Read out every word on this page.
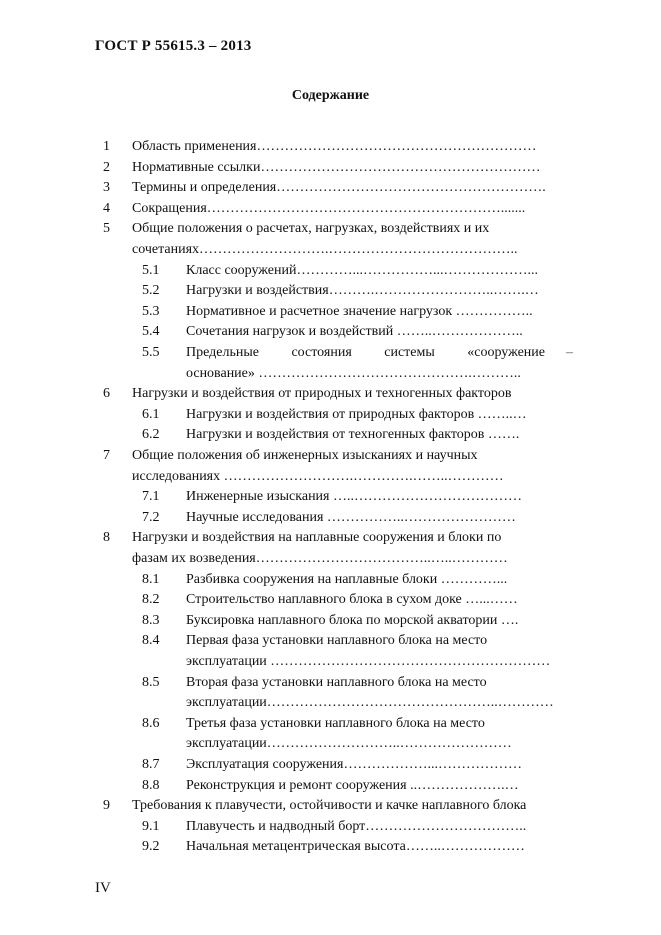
ГОСТ Р 55615.3 – 2013
Содержание
1 Область применения……………………………………………………
2 Нормативные ссылки……………………………………………………
3 Термины и определения………………………………………………….
4 Сокращения……………………………………………………….......
5 Общие положения о расчетах, нагрузках, воздействиях и их
сочетаниях……………………….…………………………………..
5.1 Класс сооружений…………...……………...………………...
5.2 Нагрузки и воздействия……….……………………..…….…
5.3 Нормативное и расчетное значение нагрузок ……………..
5.4 Сочетания нагрузок и воздействий ……..………………..
5.5 Предельные состояния системы «сооружение
основание» ……………………………………….………..
6 Нагрузки и воздействия от природных и техногенных факторов
6.1 Нагрузки и воздействия от природных факторов ……..…
6.2 Нагрузки и воздействия от техногенных факторов …….
7 Общие положения об инженерных изысканиях и научных
исследованиях ……………………….………….……..…………
7.1 Инженерные изыскания …..………………………………
7.2 Научные исследования ……………..……………………
8 Нагрузки и воздействия на наплавные сооружения и блоки по
фазам их возведения………………………………..…..…………
8.1 Разбивка сооружения на наплавные блоки …………...
8.2 Строительство наплавного блока в сухом доке …...……
8.3 Буксировка наплавного блока по морской акватории ….
8.4 Первая фаза установки наплавного блока на место
эксплуатации ……………………………………………………
8.5 Вторая фаза установки наплавного блока на место
эксплуатации…………………………………………..…………
8.6 Третья фаза установки наплавного блока на место
эксплуатации………………………..……………………
8.7 Эксплуатация сооружения………………...………………
8.8 Реконструкция и ремонт сооружения ..……………….…
9 Требования к плавучести, остойчивости и качке наплавного блока
9.1 Плавучесть и надводный борт……………………………..
9.2 Начальная метацентрическая высота……..………………
–
IV
